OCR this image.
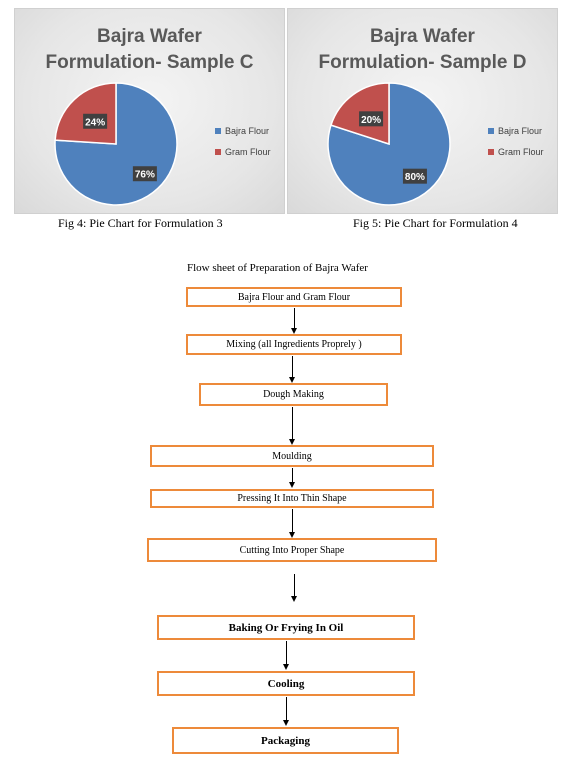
Bajra Wafer
Formulation- Sample C
76%
24%
Bajra Flour
Gram Flour
Bajra Wafer
Formulation- Sample D
80%
20%
Bajra Flour
Gram Flour
Fig 4: Pie Chart for Formulation 3	Fig 5: Pie Chart for Formulation 4
Flow sheet of Preparation of Bajra Wafer
Bajra Flour and Gram Flour
Mixing (all Ingredients Proprely )
Dough Making
Moulding
Pressing It Into Thin Shape
Cutting Into Proper Shape
Baking Or Frying In Oil
Cooling
Packaging
